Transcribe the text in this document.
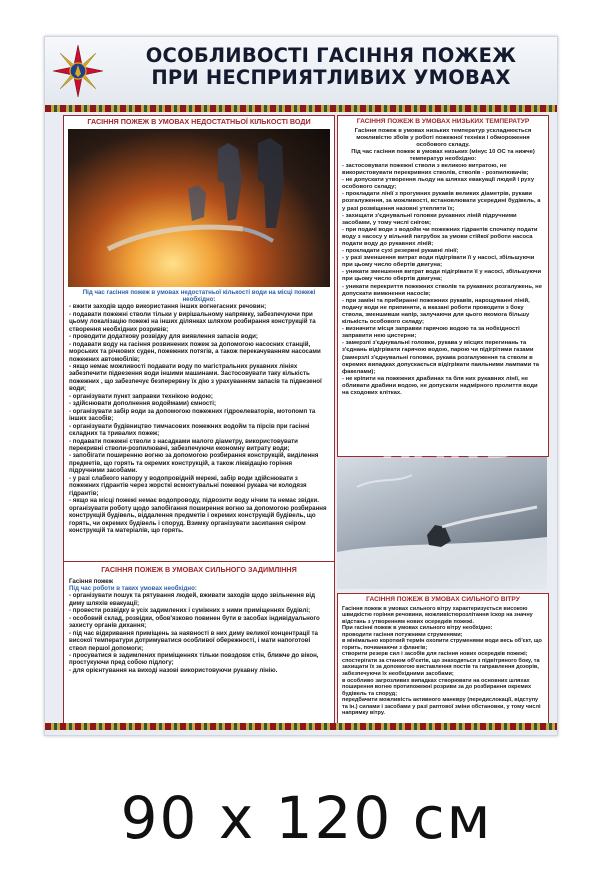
ОСОБЛИВОСТІ ГАСІННЯ ПОЖЕЖ
ПРИ НЕСПРИЯТЛИВИХ УМОВАХ
ГАСІННЯ ПОЖЕЖ В УМОВАХ НЕДОСТАТНЬОЇ КІЛЬКОСТІ ВОДИ

Під час гасіння пожеж в умовах недостатньої кількості води на місці пожежі необхідно:

- вжити заходів щодо використання інших вогнегасних речовин;

- подавати пожежні стволи тільки у вирішальному напрямку, забезпечуючи при цьому локалізацію пожежі на інших ділянках шляхом розбирання конструкцій та створення необхідних розривів;

- проводити додаткову розвідку для виявлення запасів води;

- подавати воду на гасіння розвинених пожеж за допомогою насосних станцій, морських та річкових суден, пожежних потягів, а також перекачуванням насосами пожежних автомобілів;

- якщо немає можливості подавати воду по магістральних рукавних лініях забезпечити підвезення води іншими машинами. Застосовувати таку кількість пожежних , що забезпечує безперервну їх дію з урахуванням запасів та підвезеної води;

- організувати пункт заправки технікою водою;

- здійснювати дополнення водоймами) ємності;

- організувати забір води за допомогою пожежних гідроелеваторів, мотопомп та інших засобів;

- організувати будівництво тимчасових пожежних водойм та пірсів при гасінні складних та тривалих пожеж;

- подавати пожежні стволи з насадками малого діаметру, використовувати перекривні стволи-розпилювачі, забезпечуючи економну витрату води;

- запобігати поширенню вогню за допомогою розбирання конструкцій, виділення предметів, що горять та окремих конструкцій, а також ліквідацію горіння підручними засобами.

- у разі слабкого напору у водопровідній мережі, забір води здійснювати з пожежних гідрантів через жорсткі всмоктувальні пожежні рукава чи колодязя гідрантів;

- якщо на місці пожежі немає водопроводу, підвозити воду нічим та немає звідки. організувати роботу щодо запобігання поширення вогню за допомогою розбирання конструкцій будівель, віддалення предметів і окремих конструкцій будівель, що горять, чи окремих будівель і споруд. Взимку організувати засипання сніром конструкцій та матеріалів, що горять.

ГАСІННЯ ПОЖЕЖ В УМОВАХ НИЗЬКИХ ТЕМПЕРАТУР

Гасіння пожеж в умовах низьких температур ускладнюється можливістю збоїв у роботі пожежної техніки і обмороження особового складу.

Під час гасіння пожеж в умовах низьких (мінус 10 ОС та нижче) температур необхідно:

- застосовувати пожежні стволи з великою витратою, не використовувати перекривних стволів, стволів - розпилювачів;

- не допускати утворення льоду на шляхах евакуації людей і руху особового складу;

- прокладати лінії з прогумних рукавів великих діаметрів, рукави розгалуження, за можливості, встановлювати усередині будівель, а у разі розміщення назовні утепляти їх;

- захищати з'єднувальні головки рукавних ліній підручними засобами, у тому числі снігом;

- при подачі води з водойм чи пожежних гідрантів спочатку подати воду з насосу у вільний патрубок за умови стійкої роботи насоса подати воду до рукавних ліній;

- прокладати сухі резервні рукавні лінії;

- у разі зменшення витрат води підігрівати її у насосі, збільшуючи при цьому число обертів двигуна;

- уникати зменшення витрат води підігрівати її у насосі, збільшуючи при цьому число обертів двигуна;

- уникати перекриття пожежних стволів та рукавних розгалужень, не допускати вимкнення насосів;

- при заміні та прибиранні пожежних рукавів, нарощуванні ліній, подачу води не припиняти, а вказані роботи проводити з боку ствола, зменшивши напір, залучаючи для цього якомога більшу кількість особового складу;

- визначити місця заправки гарячою водою та за нобхідності заправити нею цистерни;

- замерзлі з'єднувальні головки, рукава у місцях перегинань та з'єднань відігрівати гарячою водою, парою чи підігрітими газами (замерзлі з'єднувальні головки, рукава розгалуження та стволи в окремих випадках допускається відігрівати паяльними лампами та факелами);

- не кріпити на пожежних драбинах та бля них рукавних лінії, не обливати драбини водою, не допускати надмірного пролиття води на сходових клітках.

ГАСІННЯ ПОЖЕЖ В УМОВАХ СИЛЬНОГО ЗАДИМЛІННЯ

Гасіння пожеж

Під час роботи в таких умовах необхідно:

- організувати пошук та рятування людей, вживати заходів щодо звільнення від диму шляхів евакуації;

- провести розвідку в усіх задимлених і суміжних з ними приміщеннях будівлі;

- особовий склад, розвідки, обов'язково повинен бути в засобах індивідуального захисту органів дихання;

- під час відкривання приміщень за наявності в них диму великої концентрації та високої температури дотримуватися особливої обережності, і мати напоготові ствол першої допомоги;

- просуватися в задимлених приміщеннях тільки повздовж стін, ближче до вікон, простукуючи пред собою підлогу;

- для орієнтування на виході назові використовуючи рукавну лінію.

ГАСІННЯ ПОЖЕЖ В УМОВАХ СИЛЬНОГО ВІТРУ

Гасіння пожеж в умовах сильного вітру характеризується високою швидкістю горіння речовини, можливістюрозлітання іскор на значну відстань з утворенням нових осередків пожежі.

При гасінні пожеж в умовах сильного вітру необхідно:

проводити гасіння потужними струменями;

в мінімально короткий термін охопити струменями води весь об'єкт, що горить, почианаючи з флангів;

створити резерв сил і засобів для гасіння нових осередків пожежі;

спостерігати за станом об'єктів, що знаходяться з підвітряного боку, та захищати їх за допомогою виставлення постів та гаправлення дозорів, забезпечуючи їх необхідними засобами;

в особливо загрозливих випадках створювати на основних шляхах поширення вогню протипожежні розриви за до розбирання окремих будівель та споруд;

передбачити можливість активного маневру (передислокації, відступу та ін.) силами і засобами у разі раптової зміни обстановки, у тому числі напрямку вітру.

RAND
90 х 120 см
